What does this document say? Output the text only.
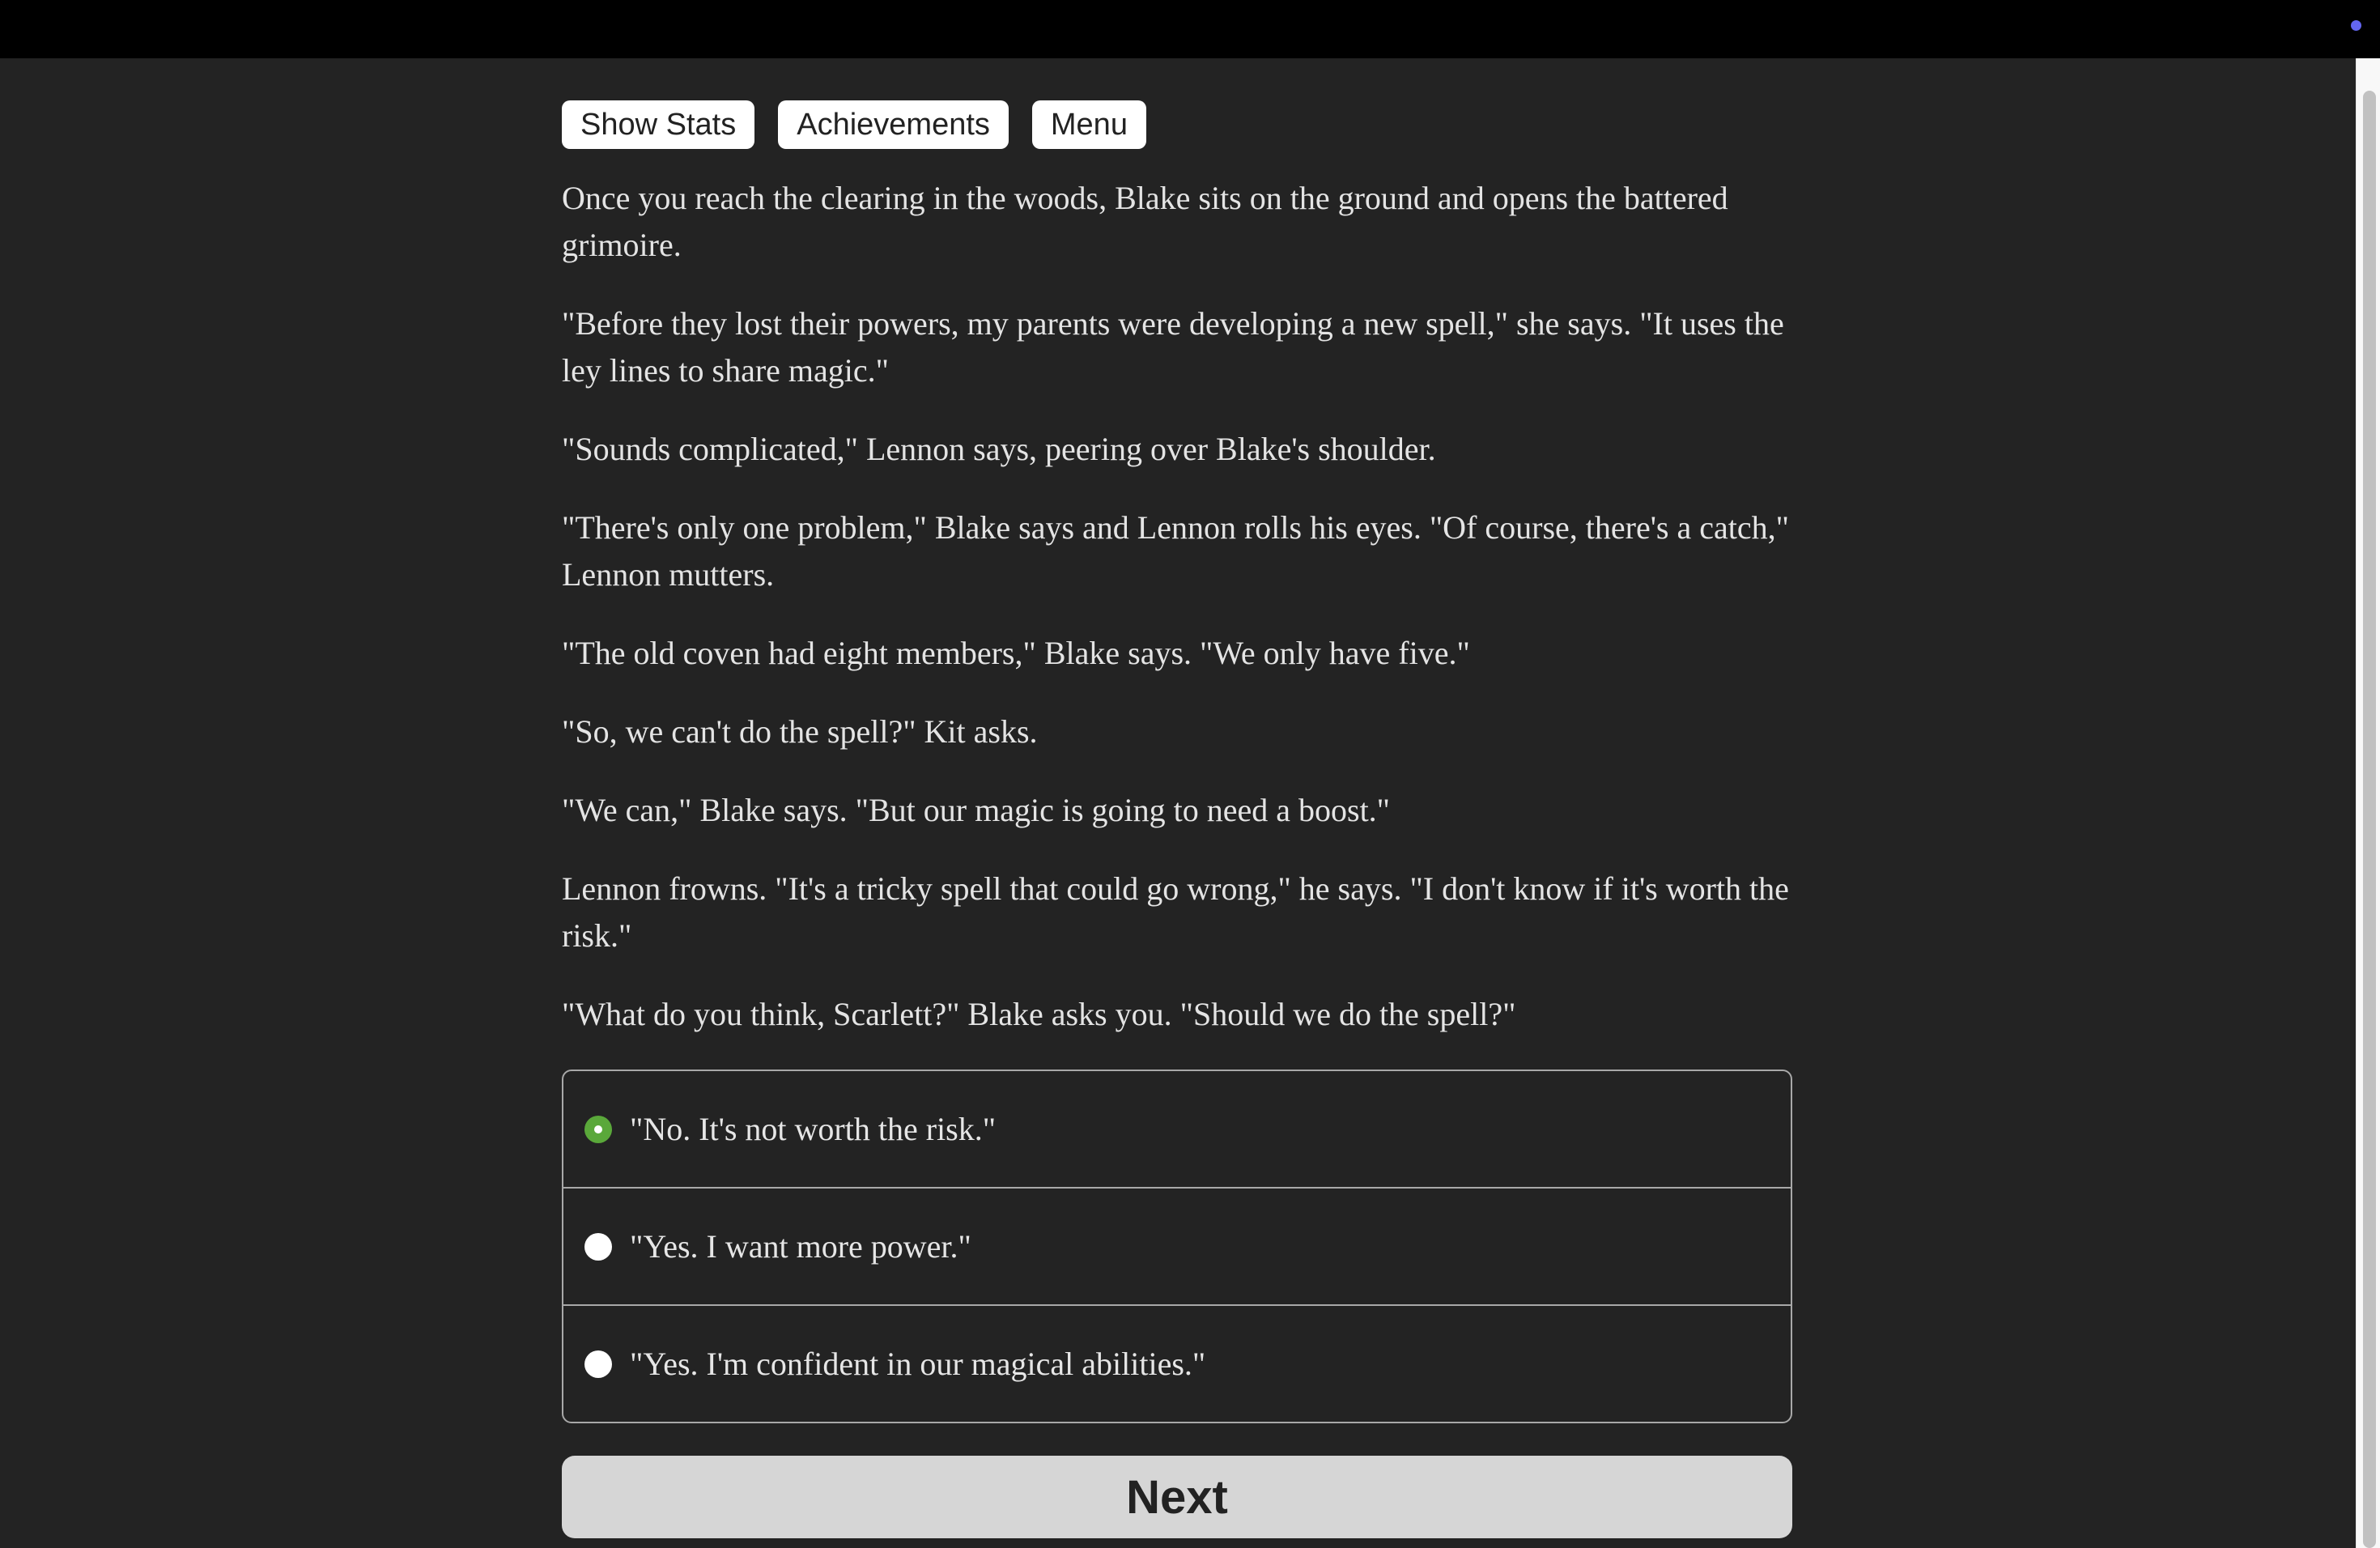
Show Stats	Achievements	Menu

Once you reach the clearing in the woods, Blake sits on the ground and opens the battered grimoire.

"Before they lost their powers, my parents were developing a new spell," she says. "It uses the ley lines to share magic."

"Sounds complicated," Lennon says, peering over Blake's shoulder.

"There's only one problem," Blake says and Lennon rolls his eyes. "Of course, there's a catch," Lennon mutters.

"The old coven had eight members," Blake says. "We only have five."

"So, we can't do the spell?" Kit asks.

"We can," Blake says. "But our magic is going to need a boost."

Lennon frowns. "It's a tricky spell that could go wrong," he says. "I don't know if it's worth the risk."

"What do you think, Scarlett?" Blake asks you. "Should we do the spell?"

"No. It's not worth the risk."
"Yes. I want more power."
"Yes. I'm confident in our magical abilities."
Next
